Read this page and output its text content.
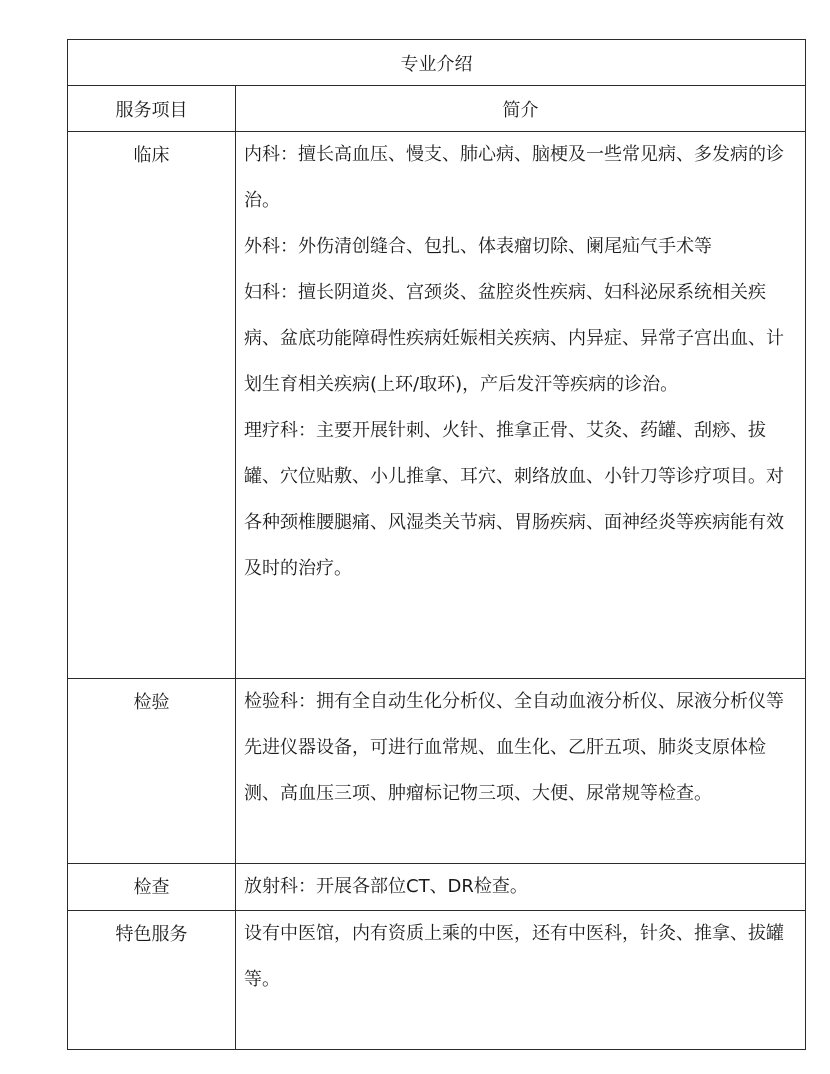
专业介绍	
服务项目	简介
临床	内科：擅长高血压、慢支、肺心病、脑梗及一些常见病、多发病的诊治。

外科：外伤清创缝合、包扎、体表瘤切除、阑尾疝气手术等

妇科：擅长阴道炎、宫颈炎、盆腔炎性疾病、妇科泌尿系统相关疾病、盆底功能障碍性疾病妊娠相关疾病、内异症、异常子宫出血、计划生育相关疾病(上环/取环)，产后发汗等疾病的诊治。

理疗科：主要开展针刺、火针、推拿正骨、艾灸、药罐、刮痧、拔罐、穴位贴敷、小儿推拿、耳穴、刺络放血、小针刀等诊疗项目。对各种颈椎腰腿痛、风湿类关节病、胃肠疾病、面神经炎等疾病能有效及时的治疗。

检验	检验科：拥有全自动生化分析仪、全自动血液分析仪、尿液分析仪等先进仪器设备，可进行血常规、血生化、乙肝五项、肺炎支原体检测、高血压三项、肿瘤标记物三项、大便、尿常规等检查。

检查	放射科：开展各部位CT、DR检查。

特色服务	设有中医馆，内有资质上乘的中医，还有中医科，针灸、推拿、拔罐等。
